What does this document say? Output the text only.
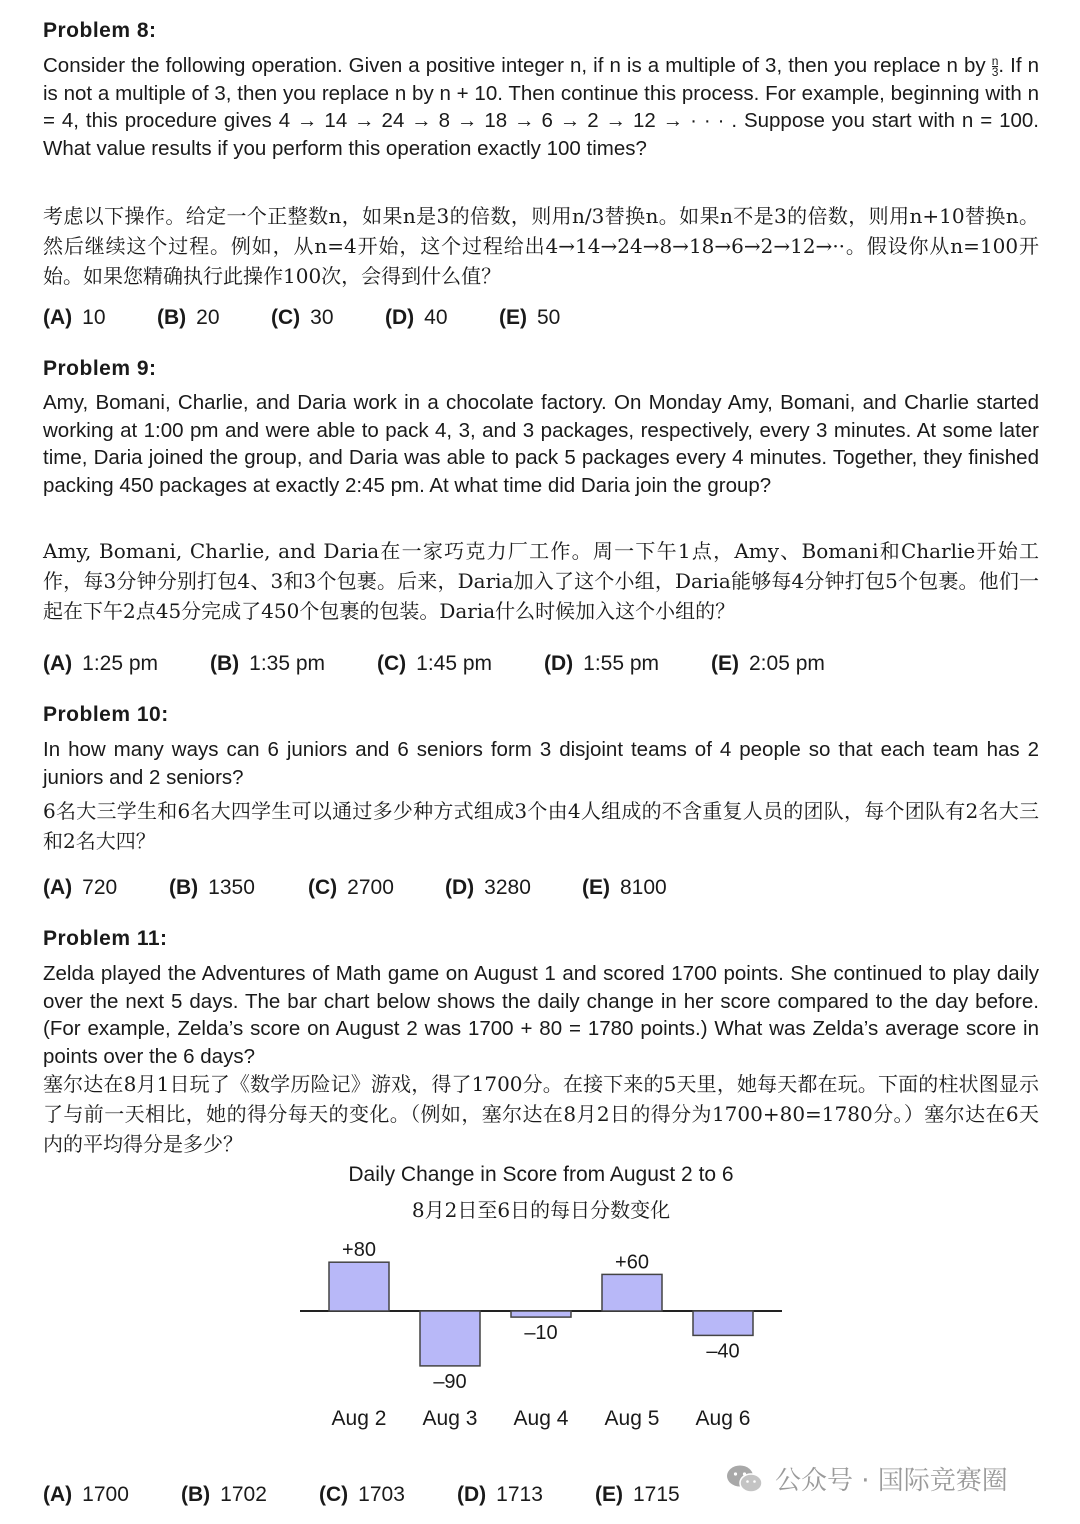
Problem 8:
Consider the following operation. Given a positive integer n, if n is a multiple of 3, then you replace n by $\frac{n}{3}$ . If n is not a multiple of 3, then you replace n by n + 10. Then continue this process. For example, beginning with n = 4, this procedure gives 4 → 14 → 24 → 8 → 18 → 6 → 2 → 12 → · · · . Suppose you start with n = 100. What value results if you perform this operation exactly 100 times?
考虑以下操作。给定一个正整数n，如果n是3的倍数，则用n/3替换n。如果n不是3的倍数，则用n+10替换n。然后继续这个过程。例如，从n=4开始，这个过程给出4→14→24→8→18→6→2→12→··。假设你从n=100开始。如果您精确执行此操作100次，会得到什么值？
(A) 10	(B) 20	(C) 30	(D) 40	(E) 50
Problem 9:
Amy, Bomani, Charlie, and Daria work in a chocolate factory. On Monday Amy, Bomani, and Charlie started working at 1:00 pm and were able to pack 4, 3, and 3 packages, respectively, every 3 minutes. At some later time, Daria joined the group, and Daria was able to pack 5 packages every 4 minutes. Together, they finished packing 450 packages at exactly 2:45 pm. At what time did Daria join the group?
Amy, Bomani, Charlie, and Daria在一家巧克力厂工作。周一下午1点，Amy、Bomani和Charlie开始工作，每3分钟分别打包4、3和3个包裹。后来，Daria加入了这个小组，Daria能够每4分钟打包5个包裹。他们一起在下午2点45分完成了450个包裹的包装。Daria什么时候加入这个小组的？
(A) 1:25 pm	(B) 1:35 pm	(C) 1:45 pm	(D) 1:55 pm	(E) 2:05 pm
Problem 10:
In how many ways can 6 juniors and 6 seniors form 3 disjoint teams of 4 people so that each team has 2 juniors and 2 seniors?
6名大三学生和6名大四学生可以通过多少种方式组成3个由4人组成的不含重复人员的团队，每个团队有2名大三和2名大四？
(A) 720	(B) 1350	(C) 2700	(D) 3280	(E) 8100
Problem 11:
Zelda played the Adventures of Math game on August 1 and scored 1700 points. She continued to play daily over the next 5 days. The bar chart below shows the daily change in her score compared to the day before. (For example, Zelda’s score on August 2 was 1700 + 80 = 1780 points.) What was Zelda’s average score in points over the 6 days?
塞尔达在8月1日玩了《数学历险记》游戏，得了1700分。在接下来的5天里，她每天都在玩。下面的柱状图显示了与前一天相比，她的得分每天的变化。（例如，塞尔达在8月2日的得分为1700+80=1780分。）塞尔达在6天内的平均得分是多少？
Daily Change in Score from August 2 to 6
8月2日至6日的每日分数变化
+80
Aug 2
–90
Aug 3
–10
Aug 4
+60
Aug 5
–40
Aug 6
(A) 1700	(B) 1702	(C) 1703	(D) 1713	(E) 1715	公众号 · 国际竞赛圈
